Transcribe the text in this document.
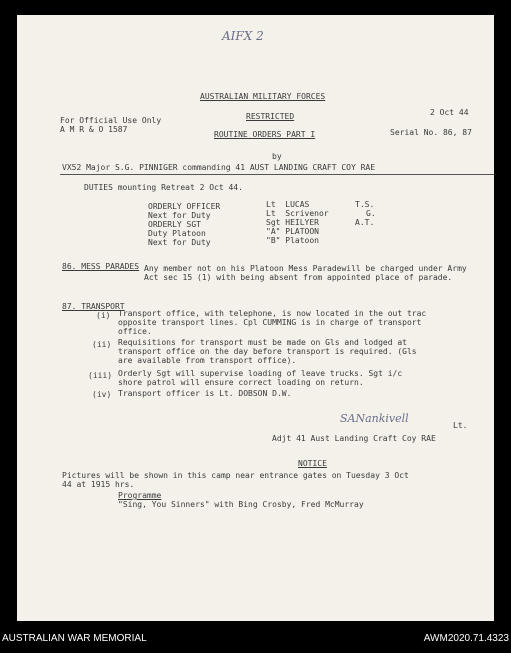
AIFX 2
AUSTRALIAN MILITARY FORCES
For Official Use Only
A M R & O 1587
RESTRICTED
ROUTINE ORDERS PART I
2 Oct 44
Serial No. 86, 87
by
VX52 Major S.G. PINNIGER commanding 41 AUST LANDING CRAFT COY RAE
DUTIES mounting Retreat 2 Oct 44.
ORDERLY OFFICER	Lt  LUCAS	T.S.
Next for Duty	Lt  Scrivenor	G.
ORDERLY SGT	Sgt HEILYER	A.T.
Duty Platoon	"A" PLATOON
Next for Duty	"B" Platoon
86. MESS PARADES Any member not on his Platoon Mess Paradewill be charged under Army
Act sec 15 (1) with being absent from appointed place of parade.
87. TRANSPORT
(i) Transport office, with telephone, is now located in the out trac
opposite transport lines. Cpl CUMMING is in charge of transport
office.
(ii) Requisitions for transport must be made on Gls and lodged at
transport office on the day before transport is required. (Gls
are available from transport office).
(iii) Orderly Sgt will supervise loading of leave trucks. Sgt i/c
shore patrol will ensure correct loading on return.
(iv) Transport officer is Lt. DOBSON D.W.
SANankivell
Lt.
Adjt 41 Aust Landing Craft Coy RAE
NOTICE
Pictures will be shown in this camp near entrance gates on Tuesday 3 Oct
44 at 1915 hrs.
Programme
"Sing, You Sinners" with Bing Crosby, Fred McMurray
AUSTRALIAN WAR MEMORIAL	AWM2020.71.4323
